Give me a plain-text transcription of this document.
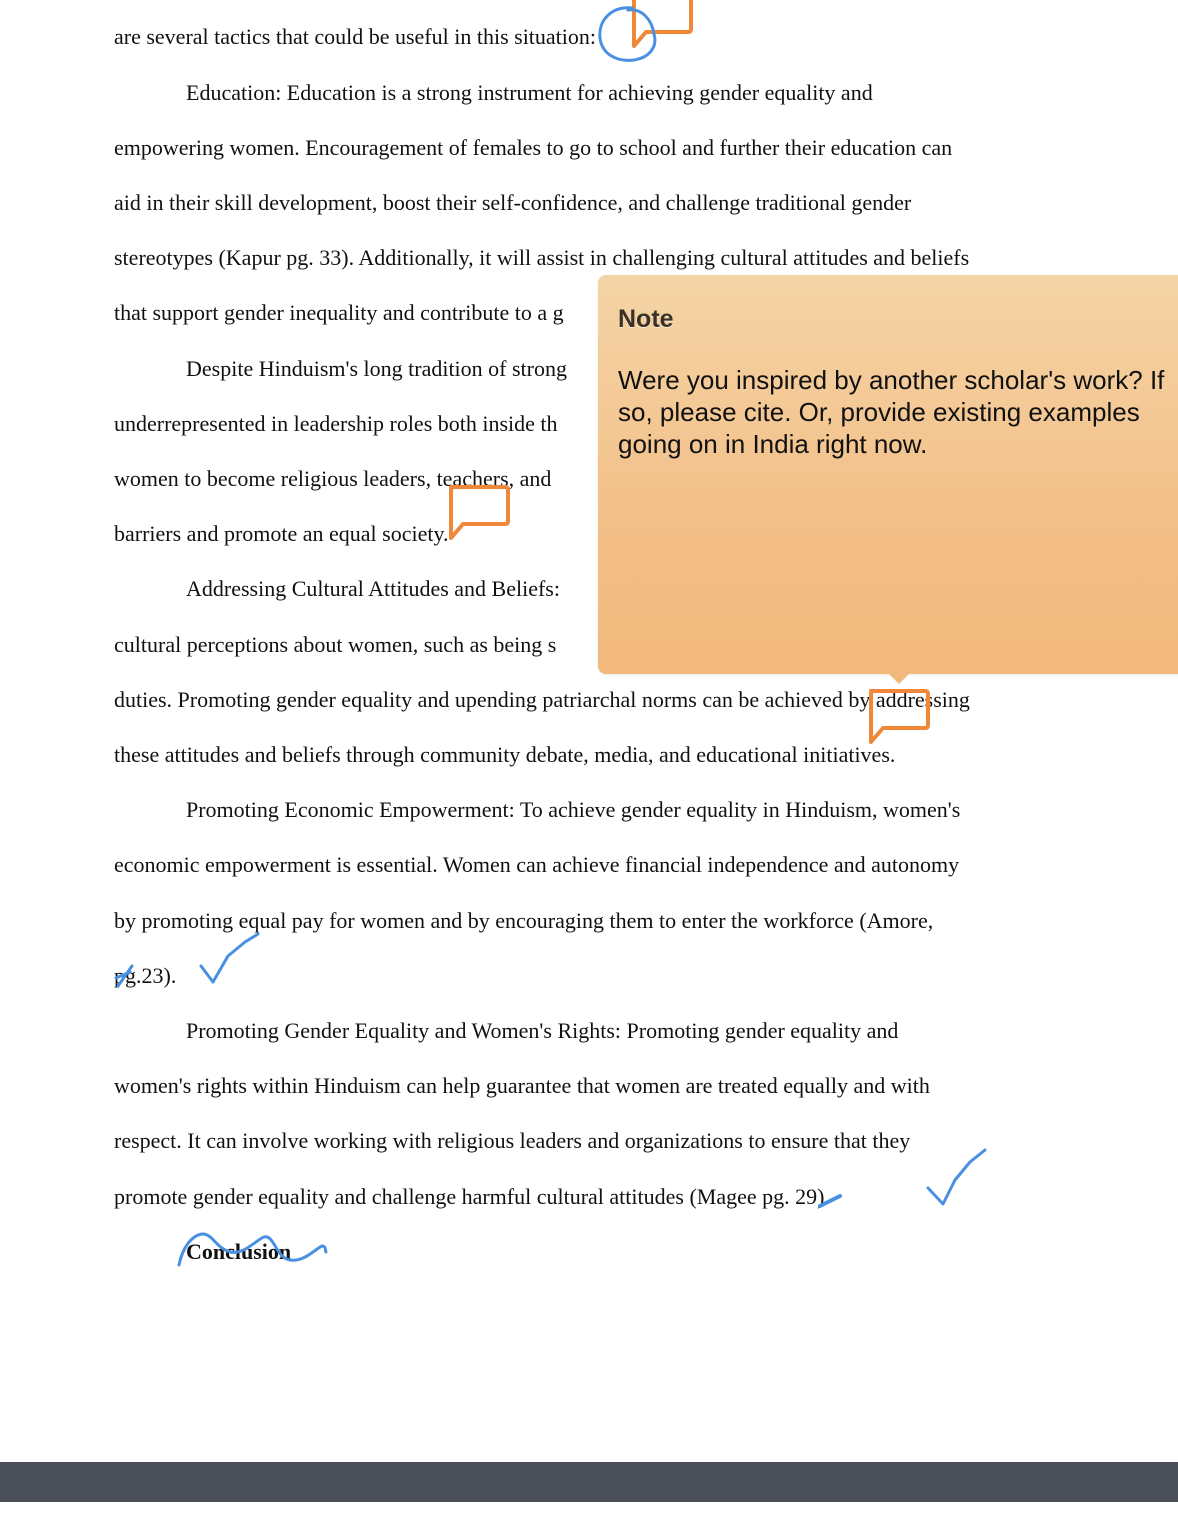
are several tactics that could be useful in this situation:
Education: Education is a strong instrument for achieving gender equality and
empowering women. Encouragement of females to go to school and further their education can
aid in their skill development, boost their self-confidence, and challenge traditional gender
stereotypes (Kapur pg. 33). Additionally, it will assist in challenging cultural attitudes and beliefs
that support gender inequality and contribute to a g
Despite Hinduism's long tradition of strong
underrepresented in leadership roles both inside th
women to become religious leaders, teachers, and
barriers and promote an equal society.
Addressing Cultural Attitudes and Beliefs:
cultural perceptions about women, such as being s
duties. Promoting gender equality and upending patriarchal norms can be achieved by addressing
these attitudes and beliefs through community debate, media, and educational initiatives.
Promoting Economic Empowerment: To achieve gender equality in Hinduism, women's
economic empowerment is essential. Women can achieve financial independence and autonomy
by promoting equal pay for women and by encouraging them to enter the workforce (Amore,
pg.23).
Promoting Gender Equality and Women's Rights: Promoting gender equality and
women's rights within Hinduism can help guarantee that women are treated equally and with
respect. It can involve working with religious leaders and organizations to ensure that they
promote gender equality and challenge harmful cultural attitudes (Magee pg. 29).
Conclusion
Note
Were you inspired by another scholar's work? If so, please cite. Or, provide existing examples going on in India right now.
